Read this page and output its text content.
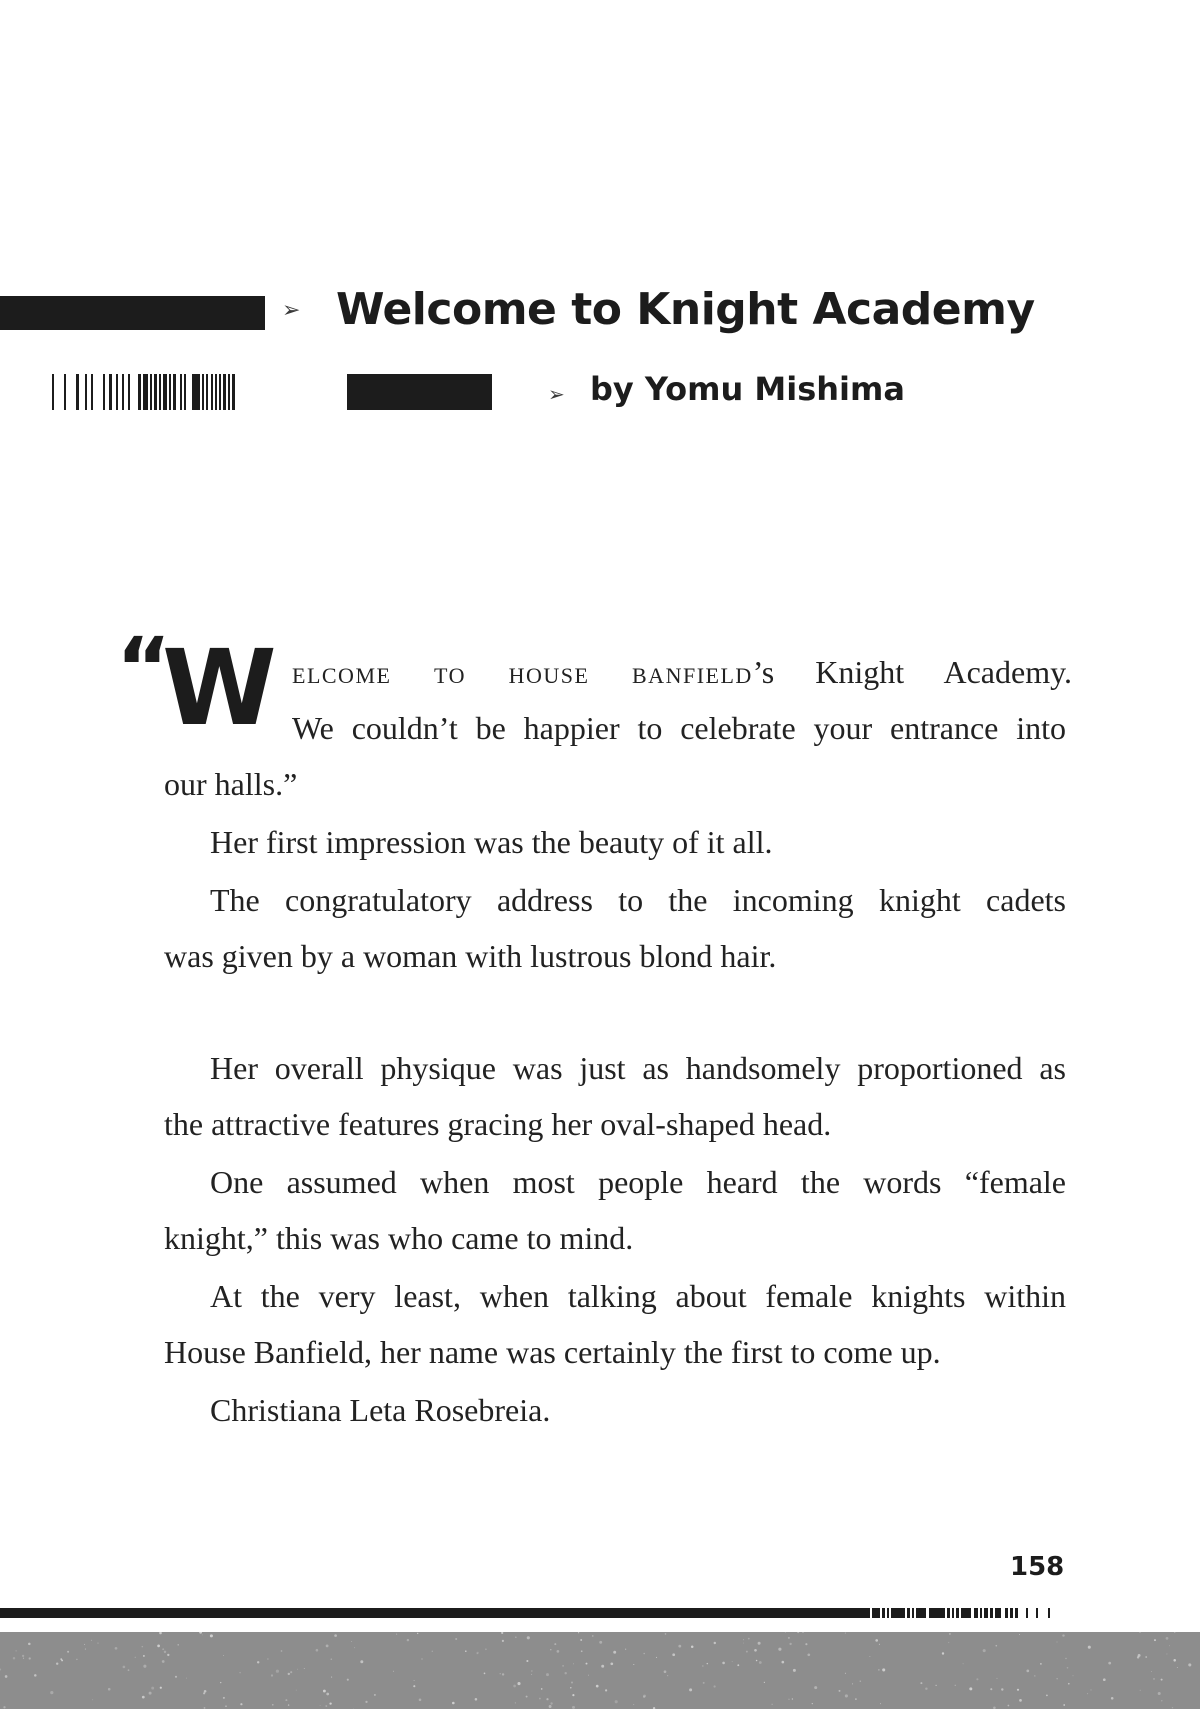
➢ Welcome to Knight Academy
➢ by Yomu Mishima
“
W elcome to house banfield’s Knight Academy.
We couldn’t be happier to celebrate your entrance into
our halls.”
Her first impression was the beauty of it all.
The congratulatory address to the incoming knight cadets
was given by a woman with lustrous blond hair.
Her overall physique was just as handsomely proportioned as
the attractive features gracing her oval-shaped head.
One assumed when most people heard the words “female
knight,” this was who came to mind.
At the very least, when talking about female knights within
House Banfield, her name was certainly the first to come up.
Christiana Leta Rosebreia.
158
